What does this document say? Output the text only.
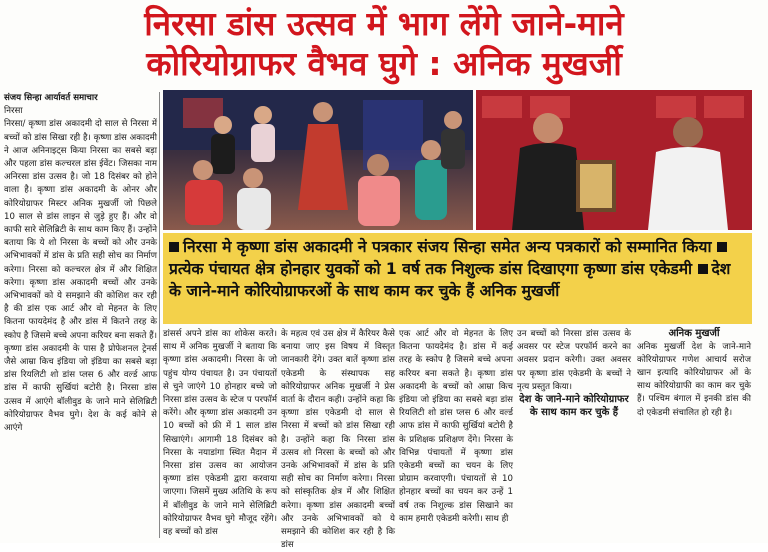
निरसा डांस उत्सव में भाग लेंगे जाने-माने
कोरियोग्राफर वैभव घुगे : अनिक मुखर्जी

संजय सिन्हा आर्यावर्त समाचार

निरसा

निरसा/ कृष्णा डांस अकादमी दो साल से निरसा में बच्चों को डांस सिखा रही है। कृष्णा डांस अकादमी ने आज अनिनाइट्स किया निरसा का सबसे बड़ा और पहला डांस कल्चरल डांस ईवेंट। जिसका नाम अनिरसा डांस उत्सव है। जो 18 दिसंबर को होने वाला है। कृष्णा डांस अकादमी के ओनर और कोरियोग्राफर मिस्टर अनिक मुखर्जी जो पिछले 10 साल से डांस लाइन से जुड़े हुए हैं। और वो काफी सारे सेलिब्रिटी के साथ काम किए हैं। उन्होंने बताया कि ये शो निरसा के बच्चों को और उनके अभिभावकों में डांस के प्रति सही सोच का निर्माण करेगा। निरसा को कल्चरल क्षेत्र में और शिक्षित करेगा। कृष्णा डांस अकादमी बच्चों और उनके अभिभावकों को ये समझाने की कोशिश कर रही है की डांस एक आर्ट और वो मेहनत के लिए कितना फायदेमंद है और डांस में कितने तरह के स्कोप है जिसमे बच्चे अपना करियर बना सकते हैं। कृष्णा डांस अकादमी के पास है प्रोफेशनल ट्रेनर्स जैसे आम्रा किच इंडिया जो इंडिया का सबसे बड़ा डांस रियलिटी शो डांस प्लस 6 और वर्ल्ड आफ डांस में काफी सुर्खियां बटोरी है। निरसा डांस उत्सव में आएंगे बॉलीवुड के जाने माने सेलिब्रिटी कोरियोग्राफर वैभव घुगे। देश के कई कोने से आएंगे

निरसा मे कृष्णा डांस अकादमी ने पत्रकार संजय सिन्हा समेत अन्य पत्रकारों को सम्मानित किया प्रत्येक पंचायत क्षेत्र होनहार युवकों को 1 वर्ष तक निशुल्क डांस दिखाएगा कृष्णा डांस एकेडमी देश के जाने-माने कोरियोग्राफरओं के साथ काम कर चुके हैं अनिक मुखर्जी

डांसर्स अपने डांस का शोकेस करते। साथ में अनिक मुखर्जी ने बताया कि कृष्णा डांस अकादमी। निरसा के जो पहुंच योग्य पंचायत है। उन पंचायतों से चुने जाएंगे 10 होनहार बच्चे जो निरसा डांस उत्सव के स्टेज प परफॉर्म करेंगे। और कृष्णा डांस अकादमी उन 10 बच्चों को फ्री में 1 साल डांस सिखाएंगे। आगामी 18 दिसंबर को निरसा के नयाडांगा स्थित मैदान में निरसा डांस उत्सव का आयोजन कृष्णा डांस एकेडमी द्वारा करवाया जाएगा। जिसमें मुख्य अतिथि के रूप में बॉलीवुड के जाने माने सेलिब्रिटी कोरियोग्राफर वैभव घुगे मौजूद रहेंगे। वह बच्चों को डांस

के महत्व एवं उस क्षेत्र में कैरियर कैसे बनाया जाए इस विषय में विस्तृत जानकारी देंगे। उक्त बातें कृष्णा डांस एकेडमी के संस्थापक सह कोरियोग्राफर अनिक मुखर्जी ने प्रेस वार्ता के दौरान कही। उन्होंने कहा कि कृष्णा डांस एकेडमी दो साल से निरसा में बच्चों को डांस सिखा रही है। उन्होंने कहा कि निरसा डांस उत्सव शो निरसा के बच्चों को और उनके अभिभावकों में डांस के प्रति सही सोच का निर्माण करेगा। निरसा को सांस्कृतिक क्षेत्र में और शिक्षित करेगा। कृष्णा डांस अकादमी बच्चों और उनके अभिभावकों को ये समझाने की कोशिश कर रही है कि डांस

एक आर्ट और वो मेहनत के लिए कितना फायदेमंद है। डांस में कई तरह के स्कोप है जिसमे बच्चे अपना करियर बना सकते है। कृष्णा डांस अकादमी के बच्चों को आम्रा किच इंडिया जो इंडिया का सबसे बड़ा डांस रियलिटी शो डांस प्लस 6 और वर्ल्ड आफ डांस में काफी सुर्खियां बटोरी है के प्रशिक्षक प्रशिक्षण देंगे। निरसा के विभिन्न पंचायतों में कृष्णा डांस एकेडमी बच्चों का चयन के लिए प्रोग्राम करवाएगी। पंचायतों से 10 होनहार बच्चों का चयन कर उन्हें 1 वर्ष तक निशुल्क डांस सिखाने का काम हमारी एकेडमी करेगी। साथ ही

उन बच्चों को निरसा डांस उत्सव के अवसर पर स्टेज परफॉर्म करने का अवसर प्रदान करेगी। उक्त अवसर पर कृष्णा डांस एकेडमी के बच्चों ने नृत्य प्रस्तुत किया।

देश के जाने-माने कोरियोग्राफर के साथ काम कर चुके हैं अनिक मुखर्जी

अनिक मुखर्जी देश के जाने-माने कोरियोग्राफर गणेश आचार्य सरोज खान इत्यादि कोरियोग्राफर ओं के साथ कोरियोग्राफी का काम कर चुके हैं। पश्चिम बंगाल में इनकी डांस की दो एकेडमी संचालित हो रही है।
